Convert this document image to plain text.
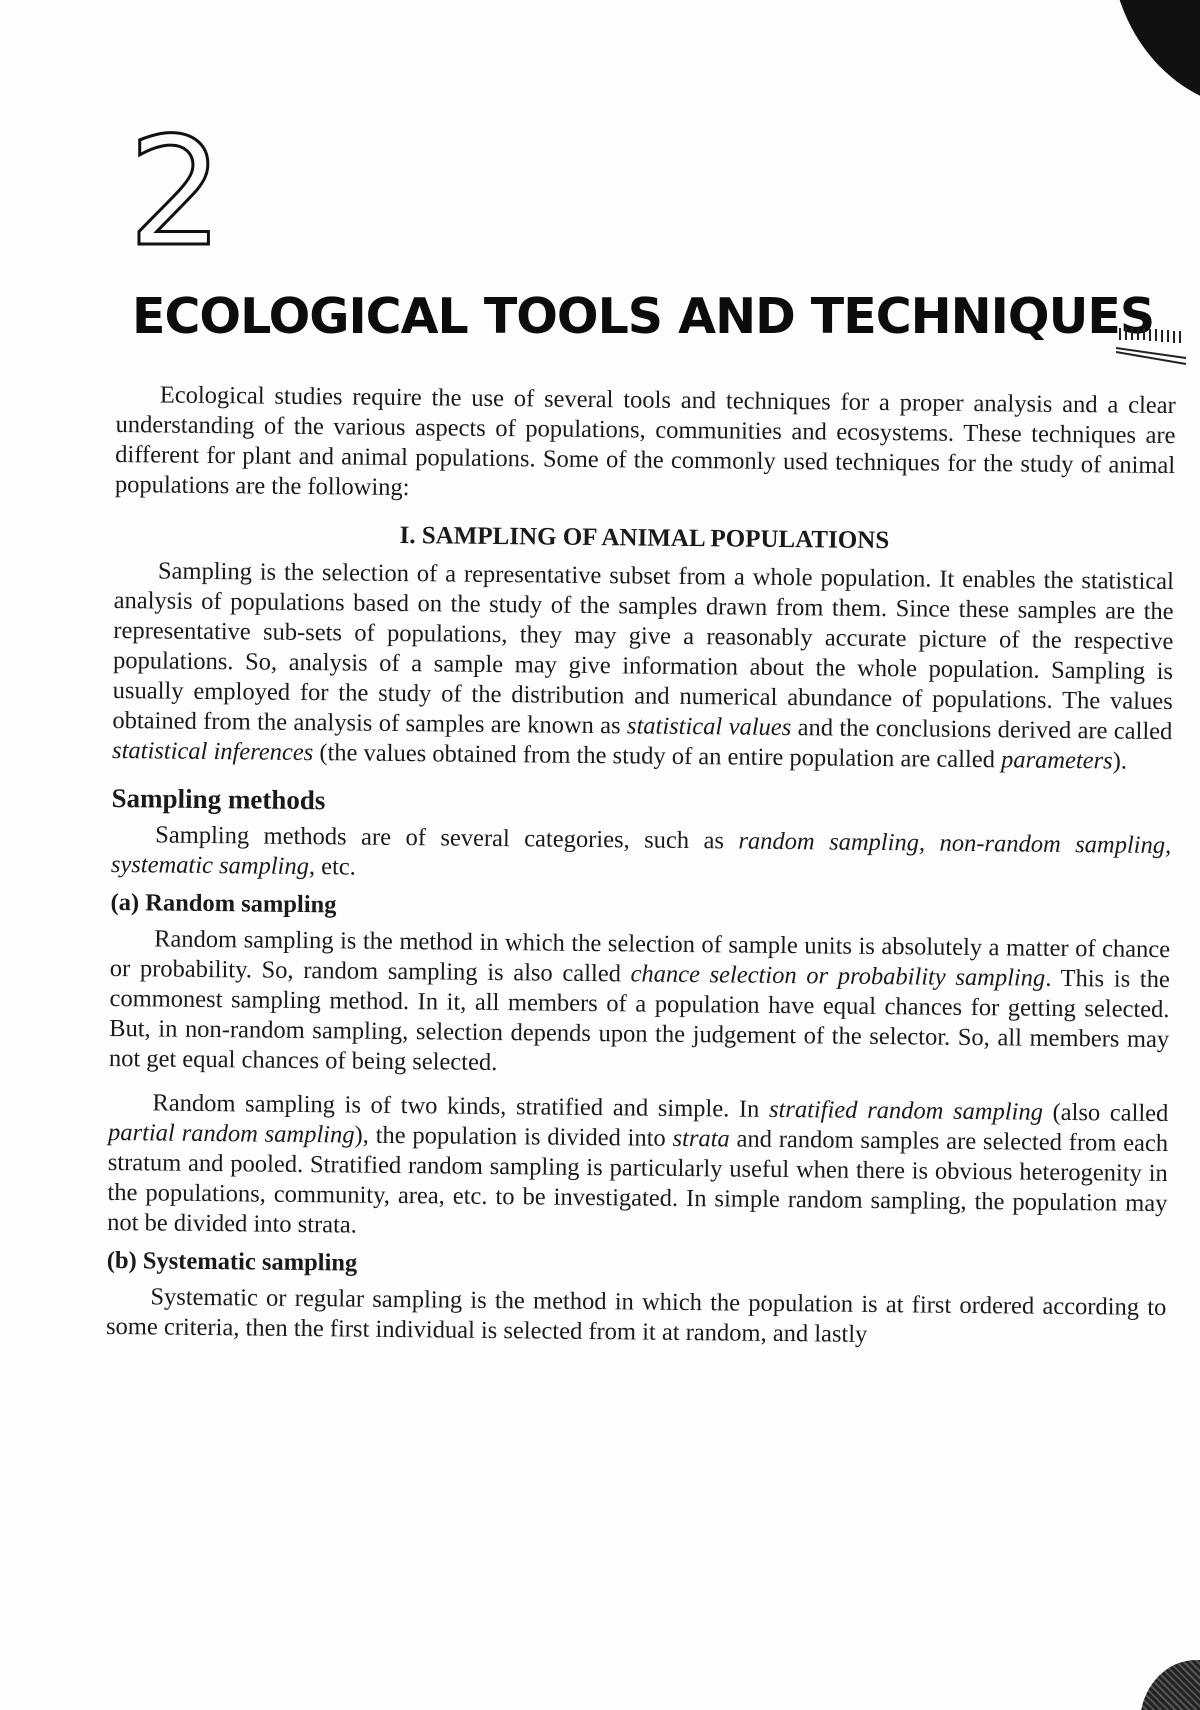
2
ECOLOGICAL TOOLS AND TECHNIQUES

Ecological studies require the use of several tools and techniques for a proper analysis and a clear understanding of the various aspects of populations, communities and ecosystems. These techniques are different for plant and animal populations. Some of the commonly used techniques for the study of animal populations are the following:

I. SAMPLING OF ANIMAL POPULATIONS

Sampling is the selection of a representative subset from a whole population. It enables the statistical analysis of populations based on the study of the samples drawn from them. Since these samples are the representative sub-sets of populations, they may give a reasonably accurate picture of the respective populations. So, analysis of a sample may give information about the whole population. Sampling is usually employed for the study of the distribution and numerical abundance of populations. The values obtained from the analysis of samples are known as statistical values and the conclusions derived are called statistical inferences (the values obtained from the study of an entire population are called parameters).

Sampling methods

Sampling methods are of several categories, such as random sampling, non-random sampling, systematic sampling, etc.

(a) Random sampling

Random sampling is the method in which the selection of sample units is absolutely a matter of chance or probability. So, random sampling is also called chance selection or probability sampling. This is the commonest sampling method. In it, all members of a population have equal chances for getting selected. But, in non-random sampling, selection depends upon the judgement of the selector. So, all members may not get equal chances of being selected.

Random sampling is of two kinds, stratified and simple. In stratified random sampling (also called partial random sampling), the population is divided into strata and random samples are selected from each stratum and pooled. Stratified random sampling is particularly useful when there is obvious heterogenity in the populations, community, area, etc. to be investigated. In simple random sampling, the population may not be divided into strata.

(b) Systematic sampling

Systematic or regular sampling is the method in which the population is at first ordered according to some criteria, then the first individual is selected from it at random, and lastly
